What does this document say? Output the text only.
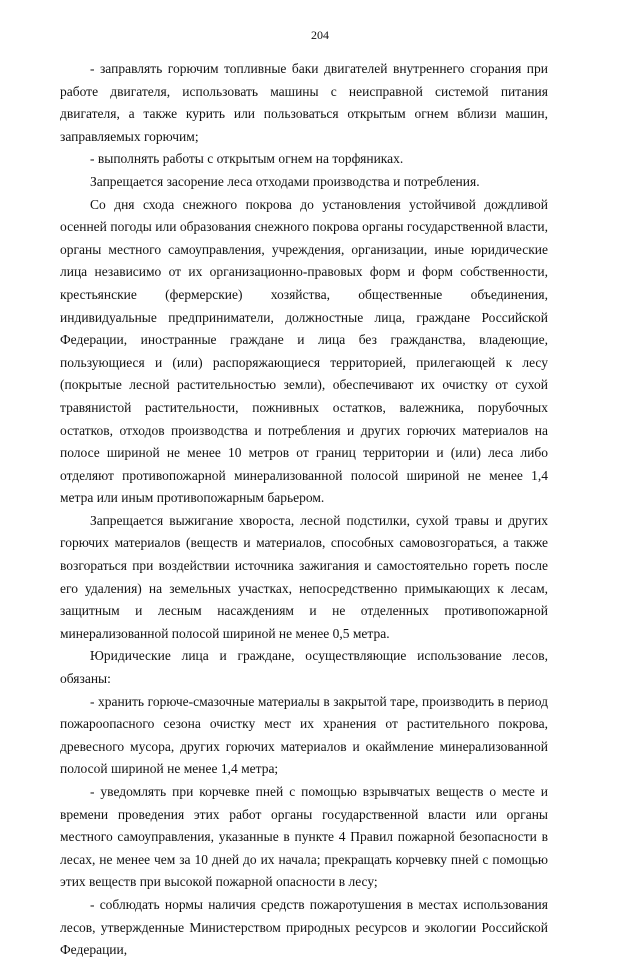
204

- заправлять горючим топливные баки двигателей внутреннего сгорания при работе двигателя, использовать машины с неисправной системой питания двигателя, а также курить или пользоваться открытым огнем вблизи машин, заправляемых горючим;

- выполнять работы с открытым огнем на торфяниках.

Запрещается засорение леса отходами производства и потребления.

Со дня схода снежного покрова до установления устойчивой дождливой осенней погоды или образования снежного покрова органы государственной власти, органы местного самоуправления, учреждения, организации, иные юридические лица независимо от их организационно-правовых форм и форм собственности, крестьянские (фермерские) хозяйства, общественные объединения, индивидуальные предприниматели, должностные лица, граждане Российской Федерации, иностранные граждане и лица без гражданства, владеющие, пользующиеся и (или) распоряжающиеся территорией, прилегающей к лесу (покрытые лесной растительностью земли), обеспечивают их очистку от сухой травянистой растительности, пожнивных остатков, валежника, порубочных остатков, отходов производства и потребления и других горючих материалов на полосе шириной не менее 10 метров от границ территории и (или) леса либо отделяют противопожарной минерализованной полосой шириной не менее 1,4 метра или иным противопожарным барьером.

Запрещается выжигание хвороста, лесной подстилки, сухой травы и других горючих материалов (веществ и материалов, способных самовозгораться, а также возгораться при воздействии источника зажигания и самостоятельно гореть после его удаления) на земельных участках, непосредственно примыкающих к лесам, защитным и лесным насаждениям и не отделенных противопожарной минерализованной полосой шириной не менее 0,5 метра.

Юридические лица и граждане, осуществляющие использование лесов, обязаны:

- хранить горюче-смазочные материалы в закрытой таре, производить в период пожароопасного сезона очистку мест их хранения от растительного покрова, древесного мусора, других горючих материалов и окаймление минерализованной полосой шириной не менее 1,4 метра;

- уведомлять при корчевке пней с помощью взрывчатых веществ о месте и времени проведения этих работ органы государственной власти или органы местного самоуправления, указанные в пункте 4 Правил пожарной безопасности в лесах, не менее чем за 10 дней до их начала; прекращать корчевку пней с помощью этих веществ при высокой пожарной опасности в лесу;

- соблюдать нормы наличия средств пожаротушения в местах использования лесов, утвержденные Министерством природных ресурсов и экологии Российской Федерации,
